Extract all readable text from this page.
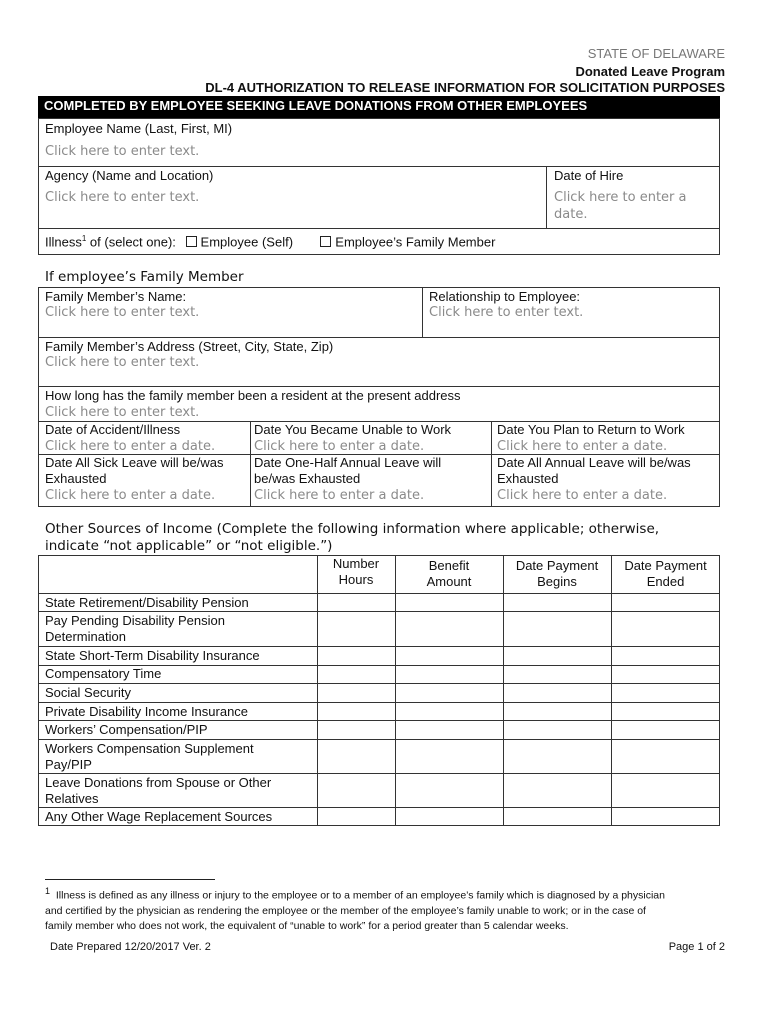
STATE OF DELAWARE
Donated Leave Program
DL-4 AUTHORIZATION TO RELEASE INFORMATION FOR SOLICITATION PURPOSES
COMPLETED BY EMPLOYEE SEEKING LEAVE DONATIONS FROM OTHER EMPLOYEES
Employee Name (Last, First, MI)
Click here to enter text.
Agency (Name and Location)
Click here to enter text.
Date of Hire
Click here to enter a
date.
Illness$^1$ of (select one): Employee (Self)	Employee’s Family Member
If employee’s Family Member
Family Member’s Name:
Click here to enter text.
Relationship to Employee:
Click here to enter text.
Family Member’s Address (Street, City, State, Zip)
Click here to enter text.
How long has the family member been a resident at the present address
Click here to enter text.
Date of Accident/Illness
Click here to enter a date.
Date You Became Unable to Work
Click here to enter a date.
Date You Plan to Return to Work
Click here to enter a date.
Date All Sick Leave will be/was
Exhausted
Click here to enter a date.
Date One-Half Annual Leave will
be/was Exhausted
Click here to enter a date.
Date All Annual Leave will be/was
Exhausted
Click here to enter a date.
Other Sources of Income (Complete the following information where applicable; otherwise,
indicate “not applicable” or “not eligible.”)
Number
Hours
Benefit
Amount
Date Payment
Begins
Date Payment
Ended
State Retirement/Disability Pension
Pay Pending Disability Pension
Determination
State Short-Term Disability Insurance
Compensatory Time
Social Security
Private Disability Income Insurance
Workers’ Compensation/PIP
Workers Compensation Supplement
Pay/PIP
Leave Donations from Spouse or Other
Relatives
Any Other Wage Replacement Sources
$^1$ Illness is defined as any illness or injury to the employee or to a member of an employee’s family which is diagnosed by a physician
and certified by the physician as rendering the employee or the member of the employee’s family unable to work; or in the case of
family member who does not work, the equivalent of “unable to work” for a period greater than 5 calendar weeks.
Date Prepared 12/20/2017 Ver. 2	Page 1 of 2
